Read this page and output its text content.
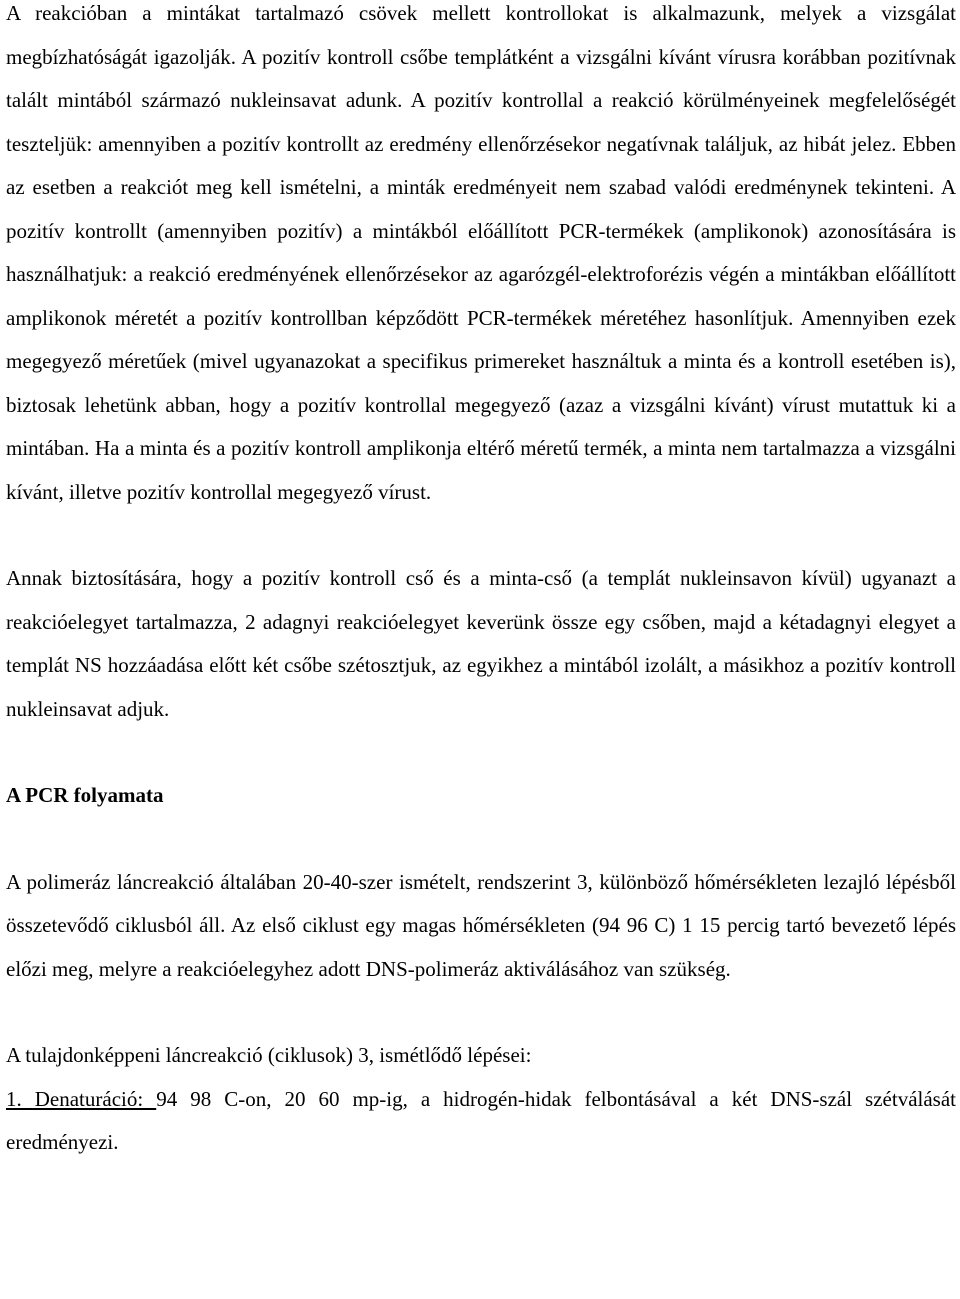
A reakcióban a mintákat tartalmazó csövek mellett kontrollokat is alkalmazunk, melyek a vizsgálat megbízhatóságát igazolják. A pozitív kontroll csőbe templátként a vizsgálni kívánt vírusra korábban pozitívnak talált mintából származó nukleinsavat adunk. A pozitív kontrollal a reakció körülményeinek megfelelőségét teszteljük: amennyiben a pozitív kontrollt az eredmény ellenőrzésekor negatívnak találjuk, az hibát jelez. Ebben az esetben a reakciót meg kell ismételni, a minták eredményeit nem szabad valódi eredménynek tekinteni. A pozitív kontrollt (amennyiben pozitív) a mintákból előállított PCR-termékek (amplikonok) azonosítására is használhatjuk: a reakció eredményének ellenőrzésekor az agarózgél-elektroforézis végén a mintákban előállított amplikonok méretét a pozitív kontrollban képződött PCR-termékek méretéhez hasonlítjuk. Amennyiben ezek megegyező méretűek (mivel ugyanazokat a specifikus primereket használtuk a minta és a kontroll esetében is), biztosak lehetünk abban, hogy a pozitív kontrollal megegyező (azaz a vizsgálni kívánt) vírust mutattuk ki a mintában. Ha a minta és a pozitív kontroll amplikonja eltérő méretű termék, a minta nem tartalmazza a vizsgálni kívánt, illetve pozitív kontrollal megegyező vírust.

Annak biztosítására, hogy a pozitív kontroll cső és a minta-cső (a templát nukleinsavon kívül) ugyanazt a reakcióelegyet tartalmazza, 2 adagnyi reakcióelegyet keverünk össze egy csőben, majd a kétadagnyi elegyet a templát NS hozzáadása előtt két csőbe szétosztjuk, az egyikhez a mintából izolált, a másikhoz a pozitív kontroll nukleinsavat adjuk.

A PCR folyamata

A polimeráz láncreakció általában 20-40-szer ismételt, rendszerint 3, különböző hőmérsékleten lezajló lépésből összetevődő ciklusból áll. Az első ciklust egy magas hőmérsékleten (94 96 C) 1 15 percig tartó bevezető lépés előzi meg, melyre a reakcióelegyhez adott DNS-polimeráz aktiválásához van szükség.

A tulajdonképpeni láncreakció (ciklusok) 3, ismétlődő lépései:

1. Denaturáció: 94 98 C-on, 20 60 mp-ig, a hidrogén-hidak felbontásával a két DNS-szál szétválását eredményezi.
